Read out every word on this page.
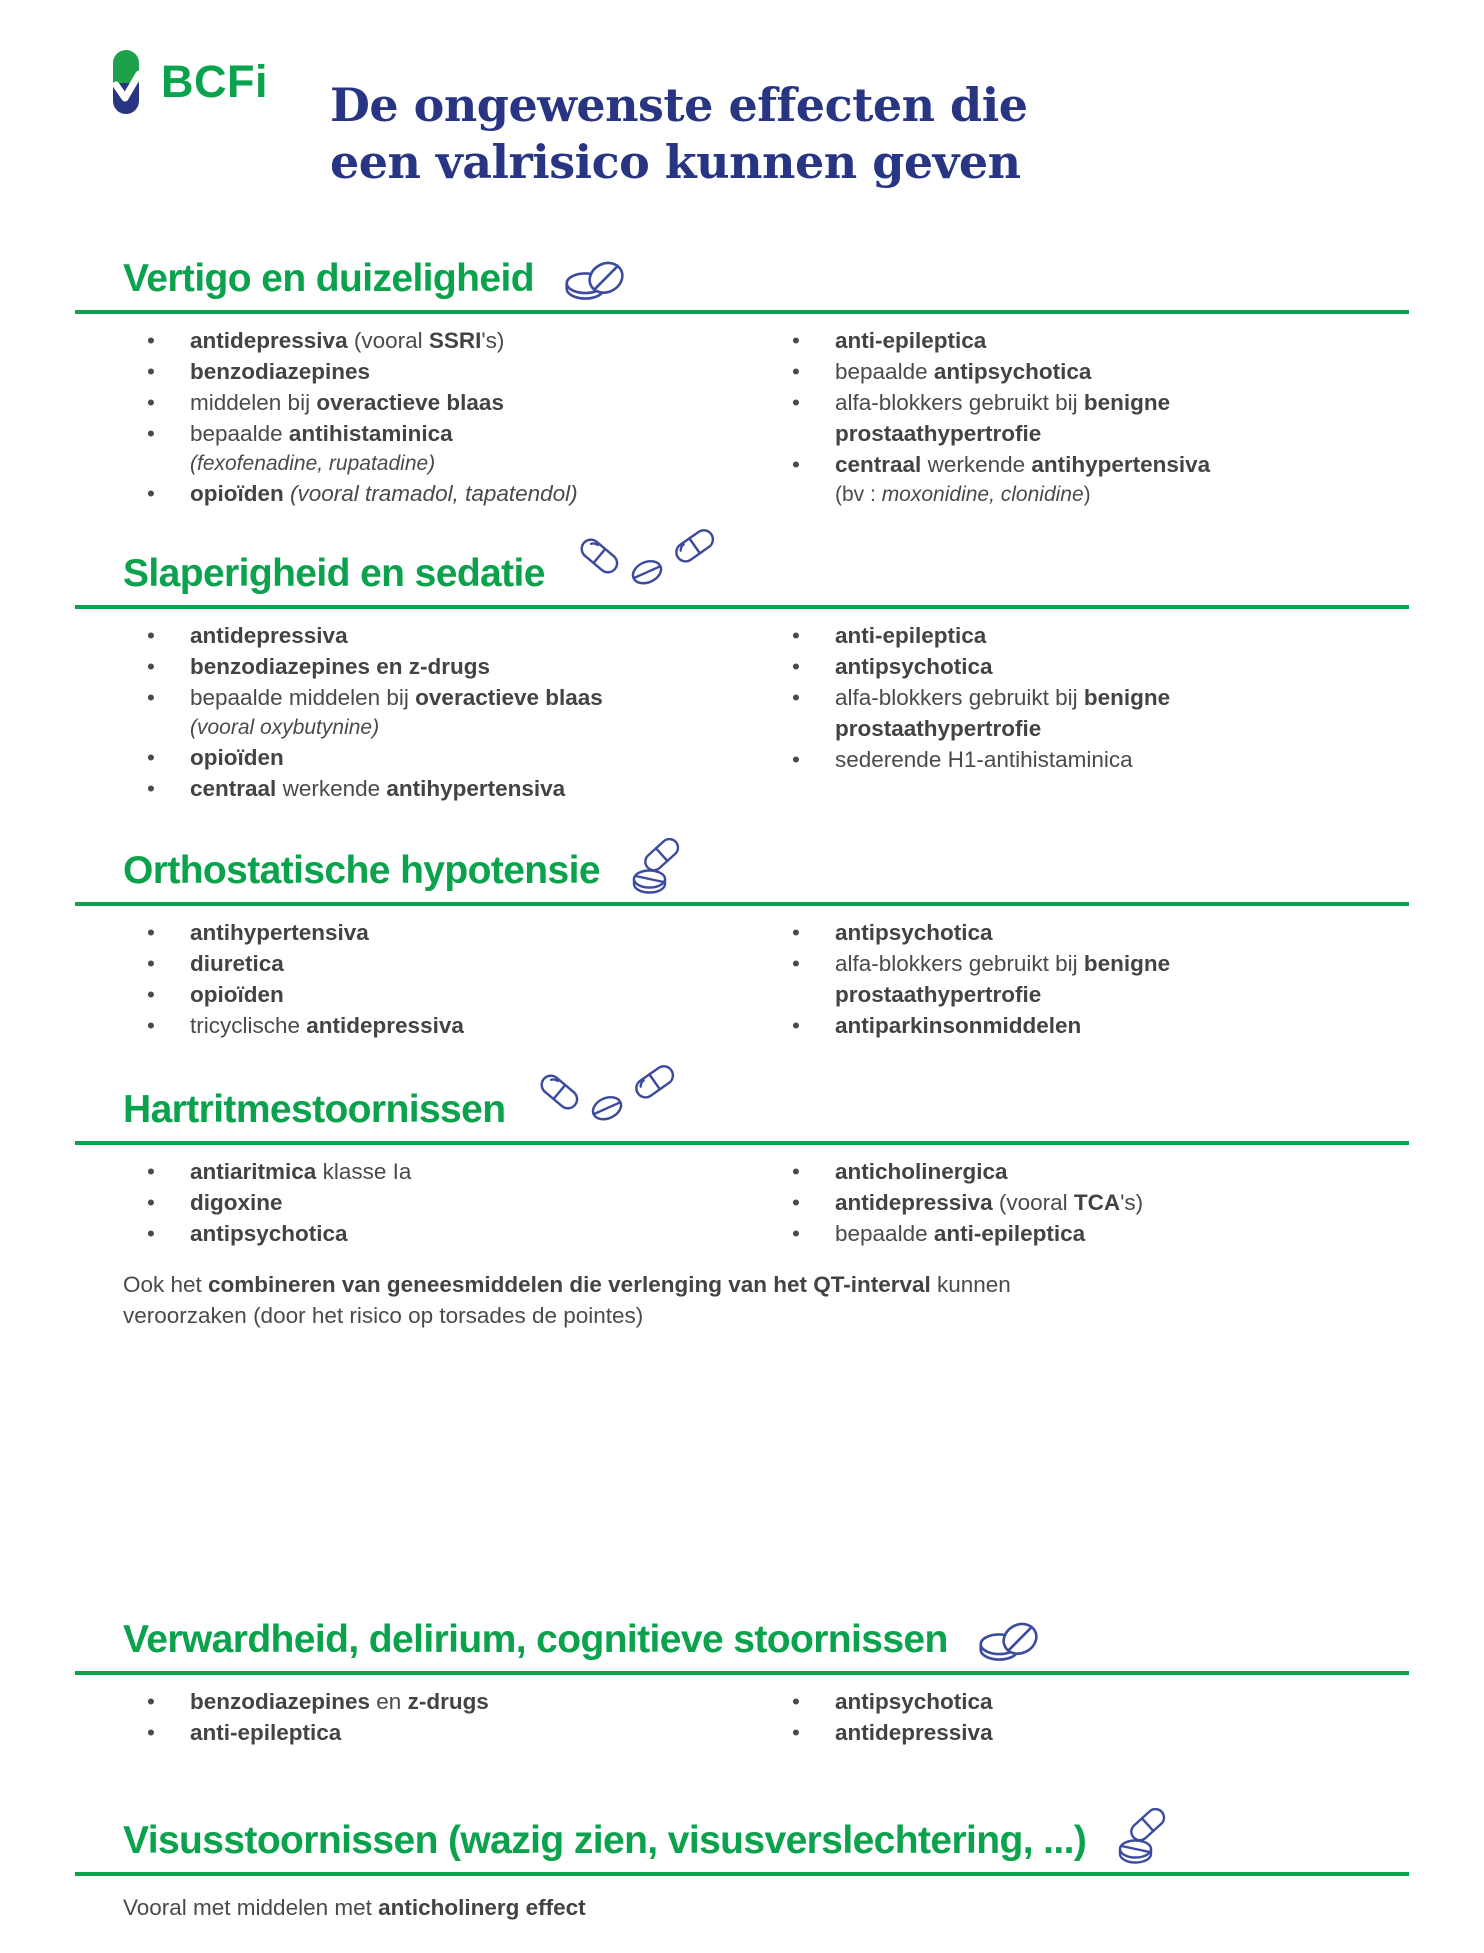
BCFi De ongewenste effecten die
een valrisico kunnen geven
Vertigo en duizeligheid
• antidepressiva (vooral SSRI's)
• benzodiazepines
• middelen bij overactieve blaas
• bepaalde antihistaminica
(fexofenadine, rupatadine)
• opioïden (vooral tramadol, tapatendol)
• anti-epileptica
• bepaalde antipsychotica
• alfa-blokkers gebruikt bij benigne
prostaathypertrofie
• centraal werkende antihypertensiva
(bv : moxonidine, clonidine)
Slaperigheid en sedatie
• antidepressiva
• benzodiazepines en z-drugs
• bepaalde middelen bij overactieve blaas
(vooral oxybutynine)
• opioïden
• centraal werkende antihypertensiva
• anti-epileptica
• antipsychotica
• alfa-blokkers gebruikt bij benigne
prostaathypertrofie
• sederende H1-antihistaminica
Orthostatische hypotensie
• antihypertensiva
• diuretica
• opioïden
• tricyclische antidepressiva
• antipsychotica
• alfa-blokkers gebruikt bij benigne
prostaathypertrofie
• antiparkinsonmiddelen
Hartritmestoornissen
• antiaritmica klasse Ia
• digoxine
• antipsychotica
• anticholinergica
• antidepressiva (vooral TCA's)
• bepaalde anti-epileptica

Ook het combineren van geneesmiddelen die verlenging van het QT-interval kunnen
veroorzaken (door het risico op torsades de pointes)

Verwardheid, delirium, cognitieve stoornissen
• benzodiazepines en z-drugs
• anti-epileptica
• antipsychotica
• antidepressiva
Visusstoornissen (wazig zien, visusverslechtering, ...)

Vooral met middelen met anticholinerg effect
